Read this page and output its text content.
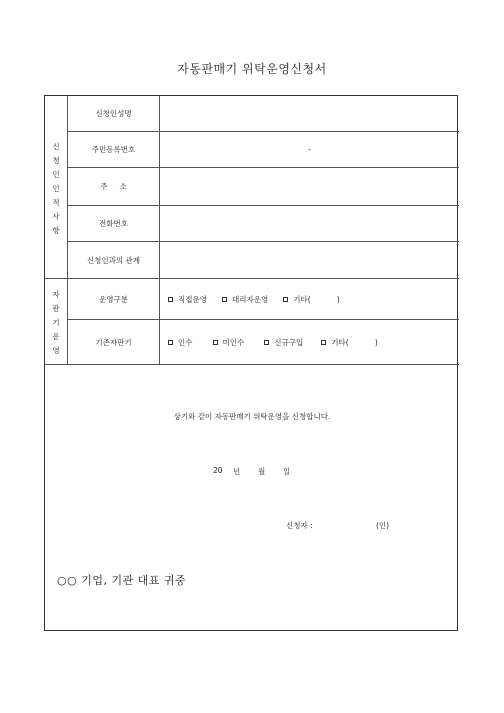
자동판매기 위탁운영신청서
신
청
인
인
적
사
항
신청인성명
주민등록번호	-
주     소
전화번호
신청인과의 관계
자
판
기
운
영
운영구분	직접운영	대리자운영	기타(           )
기존자판기	인수	미인수	신규구입	기타(           )
상기와 같이 자동판매기 위탁운영을 신청합니다.
20 년 월 일
신청자 :	(인)
○○ 기업, 기관 대표 귀중
